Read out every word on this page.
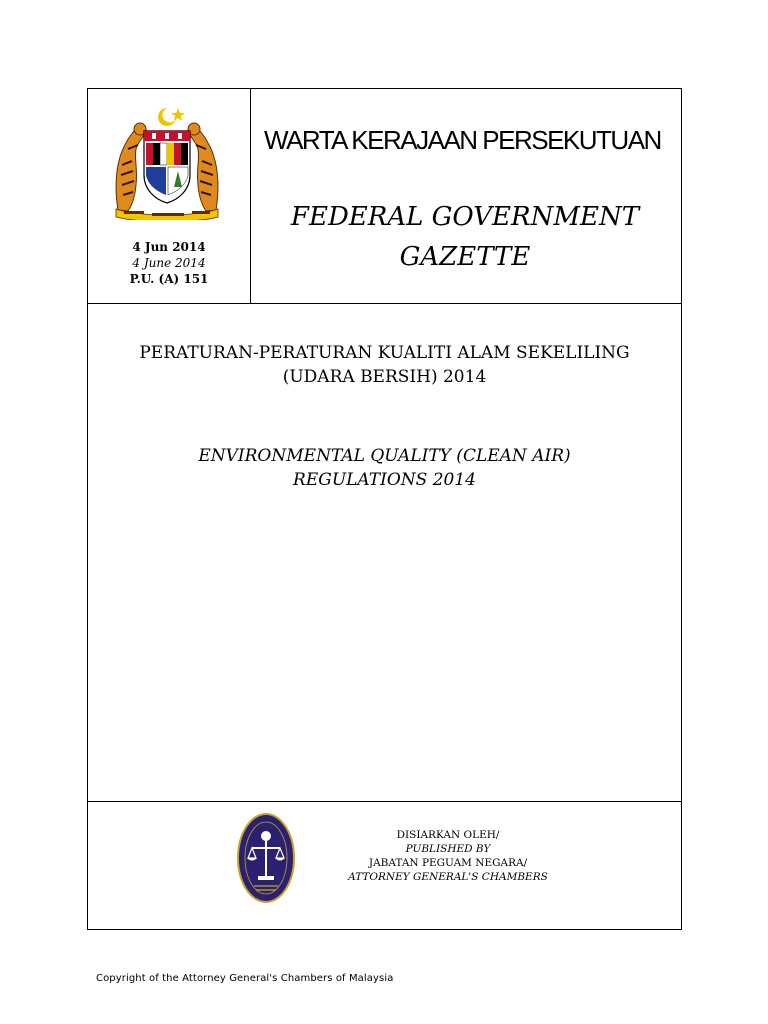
4 Jun 2014
4 June 2014
P.U. (A) 151
WARTA KERAJAAN PERSEKUTUAN
FEDERAL GOVERNMENT
GAZETTE
PERATURAN-PERATURAN KUALITI ALAM SEKELILING
(UDARA BERSIH) 2014
ENVIRONMENTAL QUALITY (CLEAN AIR)
REGULATIONS 2014
DISIARKAN OLEH/
PUBLISHED BY
JABATAN PEGUAM NEGARA/
ATTORNEY GENERAL'S CHAMBERS
Copyright of the Attorney General's Chambers of Malaysia
